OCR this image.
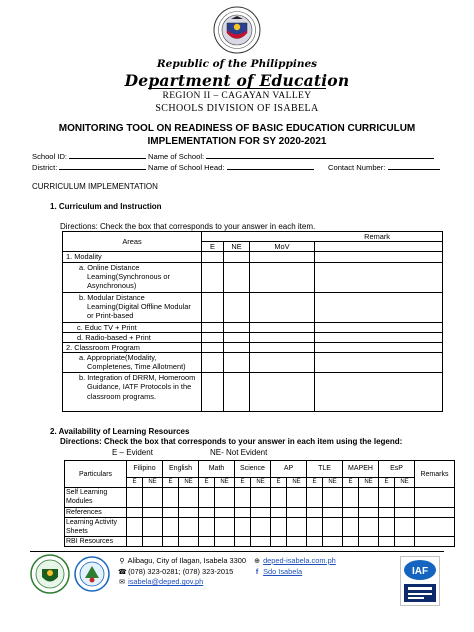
Republic of the Philippines
Department of Education
REGION II – CAGAYAN VALLEY
SCHOOLS DIVISION OF ISABELA
MONITORING TOOL ON READINESS OF BASIC EDUCATION CURRICULUM
IMPLEMENTATION FOR SY 2020-2021
School ID:	Name of School:
District:	Name of School Head:	Contact Number:
CURRICULUM IMPLEMENTATION
1. Curriculum and Instruction
Directions: Check the box that corresponds to your answer in each item.
Areas	Remark			
	E	NE	MoV	
1. Modality				
a. Online Distance Learning(Synchronous or Asynchronous)				
b. Modular Distance Learning(Digital Offline Modular or Print-based				
c. Educ TV + Print				
d. Radio-based + Print				
2. Classroom Program				
a. Appropriate(Modality, Completenes, Time Allotment)				
b. Integration of DRRM, Homeroom Guidance, IATF Protocols in the classroom programs.				
2. Availability of Learning Resources
Directions: Check the box that corresponds to your answer in each item using the legend:
E – Evident	NE- Not Evident
Particulars	Filipino		English		Math		Science		AP		TLE		MAPEH		EsP		Remarks
	E	NE	E	NE	E	NE	E	NE	E	NE	E	NE	E	NE	E	NE	
Self Learning Modules																	
References																	
Learning Activity Sheets																	
RBI Resources																	
⚲ Alibagu, City of Ilagan, Isabela 3300
☎ (078) 323-0281; (078) 323-2015
✉ isabela@deped.gov.ph
⊕ deped-isabela.com.ph
f Sdo Isabela	IAF
